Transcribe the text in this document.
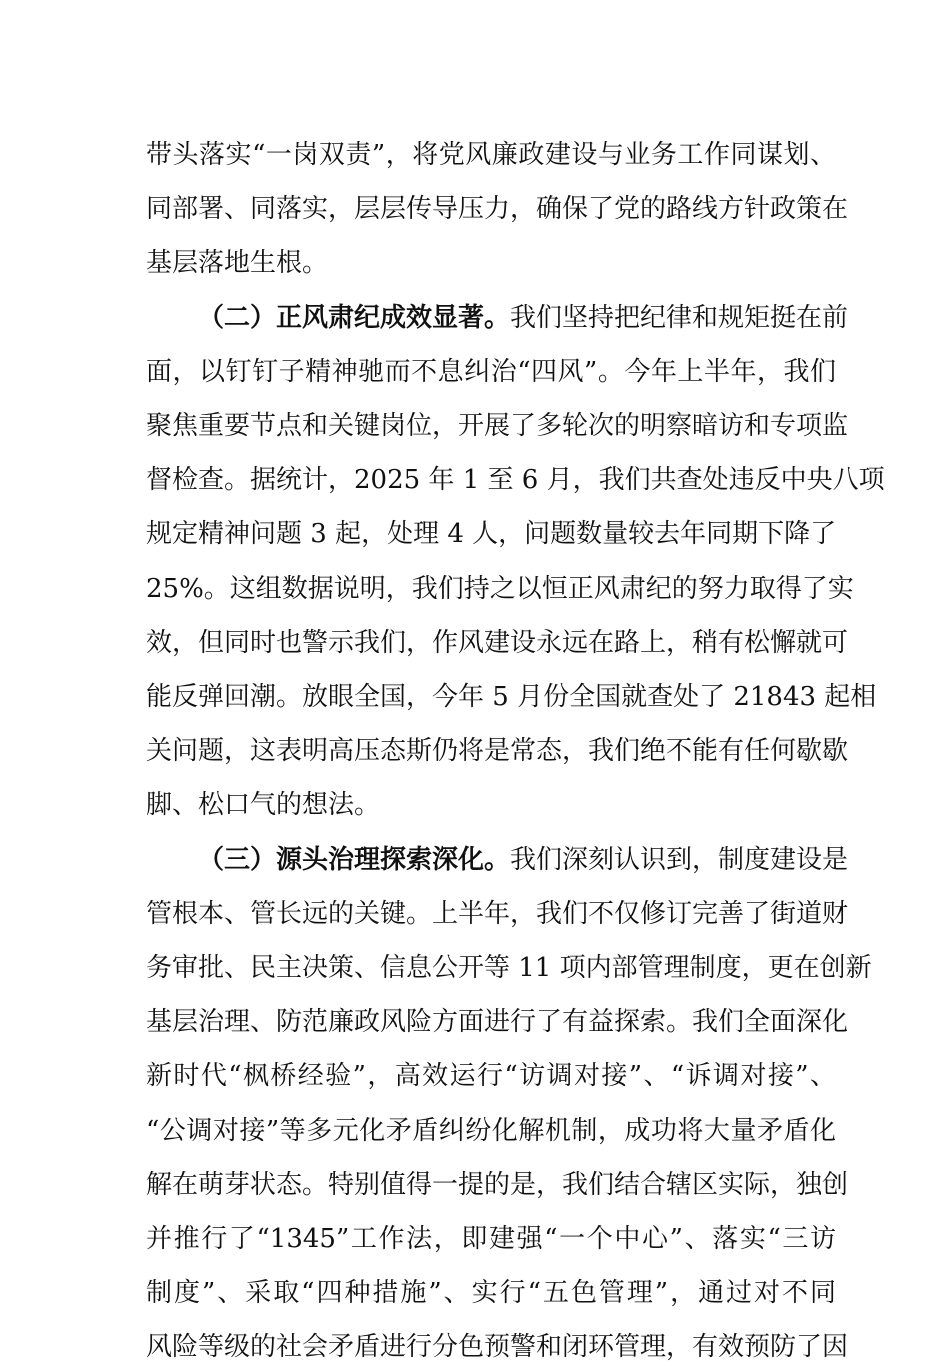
带头落实“一岗双责”，将党风廉政建设与业务工作同谋划、
同部署、同落实，层层传导压力，确保了党的路线方针政策在
基层落地生根。
（二）正风肃纪成效显著。我们坚持把纪律和规矩挺在前
面，以钉钉子精神驰而不息纠治“四风”。今年上半年，我们
聚焦重要节点和关键岗位，开展了多轮次的明察暗访和专项监
督检查。据统计，2025 年 1 至 6 月，我们共查处违反中央八项
规定精神问题 3 起，处理 4 人，问题数量较去年同期下降了
25%。这组数据说明，我们持之以恒正风肃纪的努力取得了实
效，但同时也警示我们，作风建设永远在路上，稍有松懈就可
能反弹回潮。放眼全国，今年 5 月份全国就查处了 21843 起相
关问题，这表明高压态斯仍将是常态，我们绝不能有任何歇歇
脚、松口气的想法。
（三）源头治理探索深化。我们深刻认识到，制度建设是
管根本、管长远的关键。上半年，我们不仅修订完善了街道财
务审批、民主决策、信息公开等 11 项内部管理制度，更在创新
基层治理、防范廉政风险方面进行了有益探索。我们全面深化
新时代“枫桥经验”，高效运行“访调对接”、“诉调对接”、
“公调对接”等多元化矛盾纠纷化解机制，成功将大量矛盾化
解在萌芽状态。特别值得一提的是，我们结合辖区实际，独创
并推行了“1345”工作法，即建强“一个中心”、落实“三访
制度”、采取“四种措施”、实行“五色管理”，通过对不同
风险等级的社会矛盾进行分色预警和闭环管理，有效预防了因
